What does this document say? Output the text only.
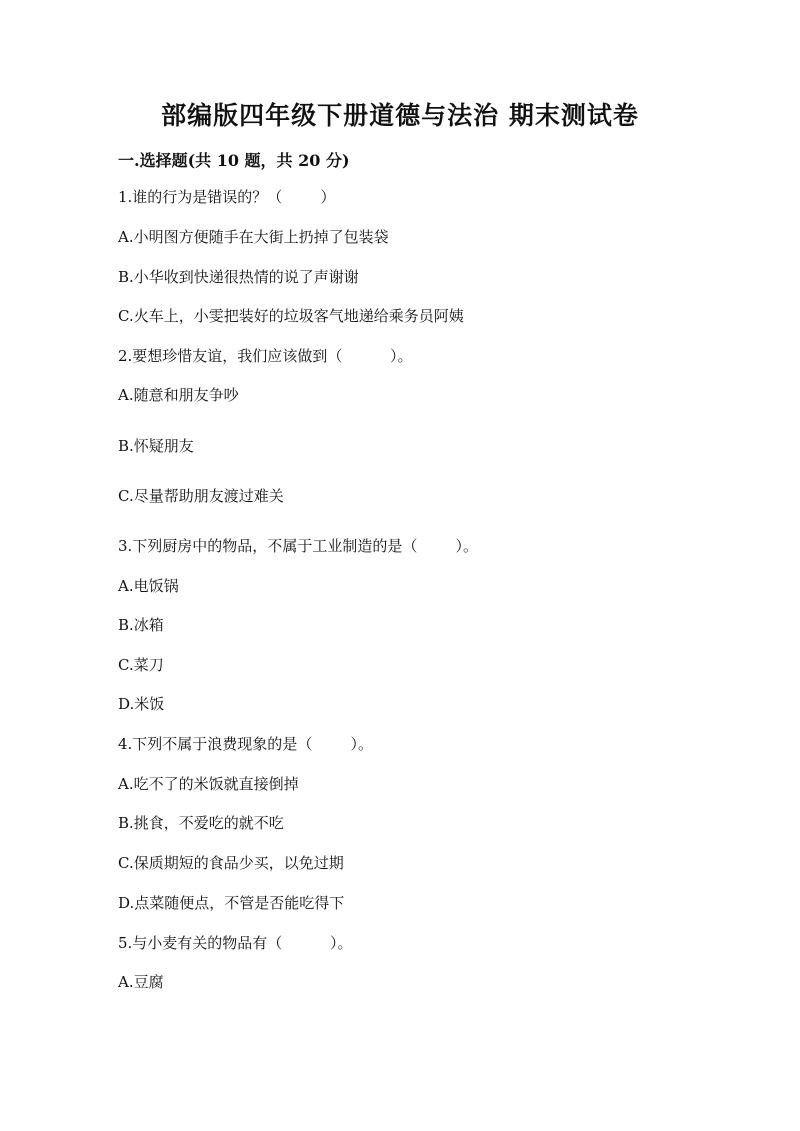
部编版四年级下册道德与法治 期末测试卷
一.选择题(共 10 题，共 20 分)
1.谁的行为是错误的？（        ）
A.小明图方便随手在大街上扔掉了包装袋
B.小华收到快递很热情的说了声谢谢
C.火车上，小雯把装好的垃圾客气地递给乘务员阿姨
2.要想珍惜友谊，我们应该做到（          ）。
A.随意和朋友争吵
B.怀疑朋友
C.尽量帮助朋友渡过难关
3.下列厨房中的物品，不属于工业制造的是（        ）。
A.电饭锅
B.冰箱
C.菜刀
D.米饭
4.下列不属于浪费现象的是（        ）。
A.吃不了的米饭就直接倒掉
B.挑食，不爱吃的就不吃
C.保质期短的食品少买，以免过期
D.点菜随便点，不管是否能吃得下
5.与小麦有关的物品有（          ）。
A.豆腐
